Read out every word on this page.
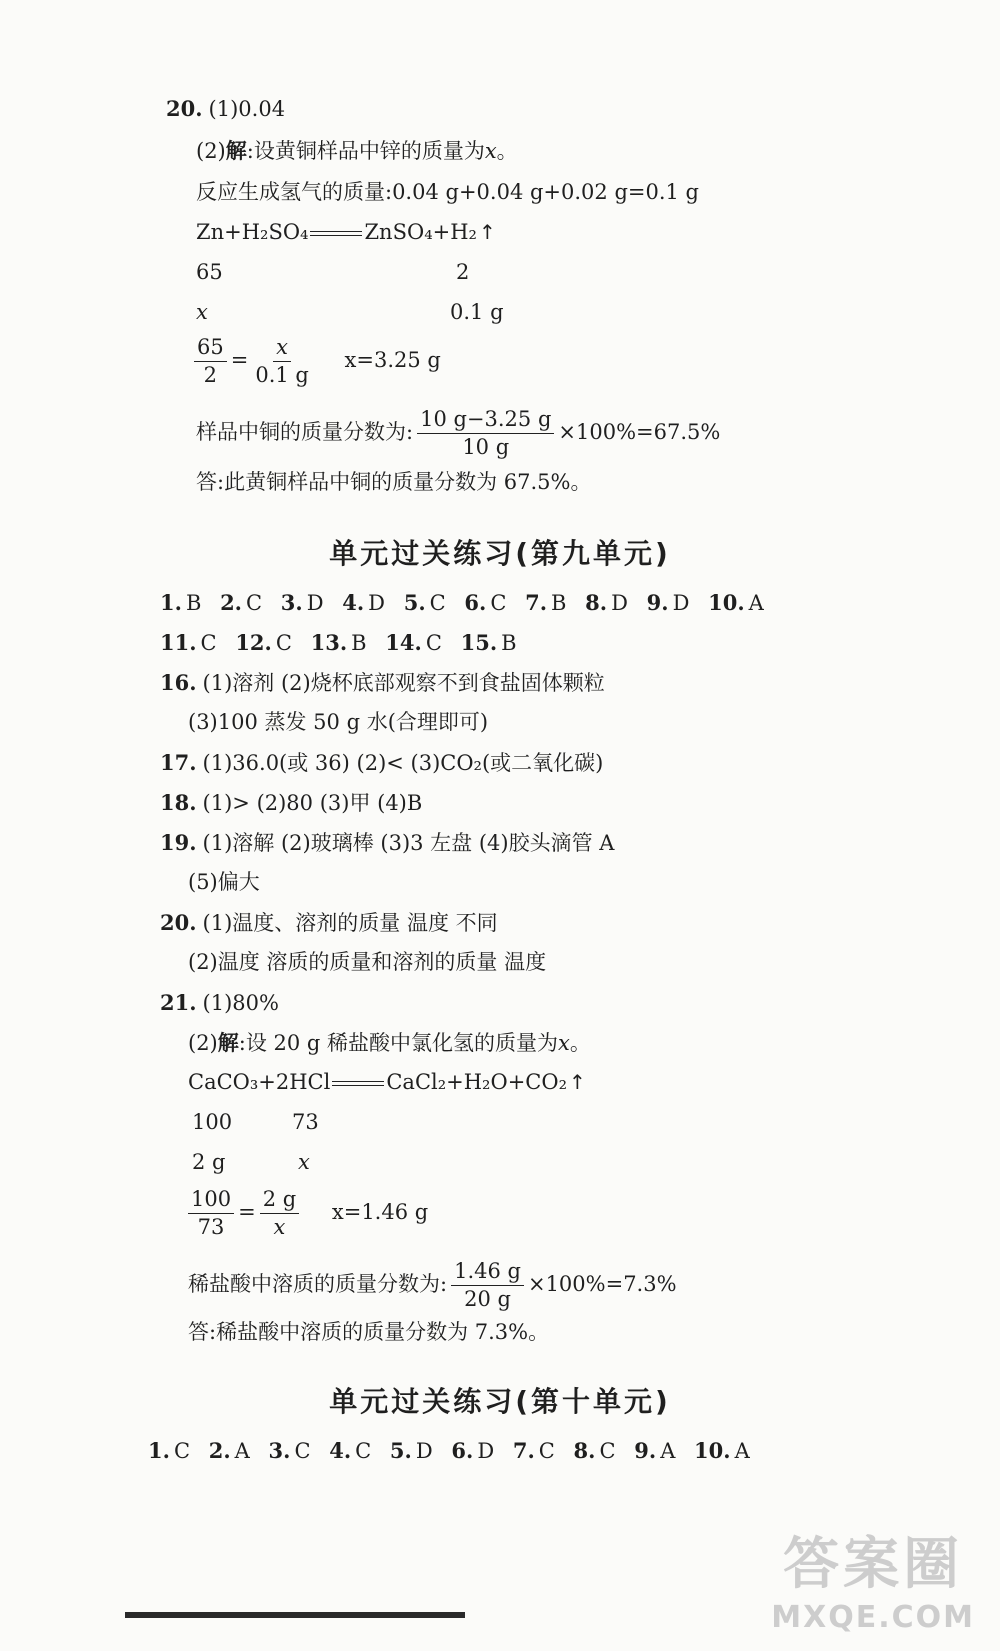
20. (1)0.04
(2)解:设黄铜样品中锌的质量为x。
反应生成氢气的质量:0.04 g+0.04 g+0.02 g=0.1 g
Zn+H₂SO₄	ZnSO₄+H₂ ↑
65	2
x	0.1 g
$\frac{65}{2} = \frac{x}{0.1 g} x=3.25$ g
样品中铜的质量分数为: $\frac{10 g-3.25 g}{10 g} \times 100\%=67.5\%$
答:此黄铜样品中铜的质量分数为 67.5%。
单元过关练习(第九单元)
1. B 2. C 3. D 4. D 5. C 6. C 7. B 8. D 9. D 10. A
11. C 12. C 13. B 14. C 15. B
16. (1)溶剂 (2)烧杯底部观察不到食盐固体颗粒
(3)100 蒸发 50 g 水(合理即可)
17. (1)36.0(或 36) (2)< (3)CO₂(或二氧化碳)
18. (1)> (2)80 (3)甲 (4)B
19. (1)溶解 (2)玻璃棒 (3)3 左盘 (4)胶头滴管 A
(5)偏大
20. (1)温度、溶剂的质量 温度 不同
(2)温度 溶质的质量和溶剂的质量 温度
21. (1)80%
(2)解:设 20 g 稀盐酸中氯化氢的质量为x。
CaCO₃+2HCl	CaCl₂+H₂O+CO₂ ↑
100	73
2 g	x
$\frac{100}{73} = \frac{2 g}{x} x=1.46$ g
稀盐酸中溶质的质量分数为: $\frac{1.46 g}{20 g} \times 100\%=7.3\%$
答:稀盐酸中溶质的质量分数为 7.3%。
单元过关练习(第十单元)
1. C 2. A 3. C 4. C 5. D 6. D 7. C 8. C 9. A 10. A
答案圈
MXQE.COM
